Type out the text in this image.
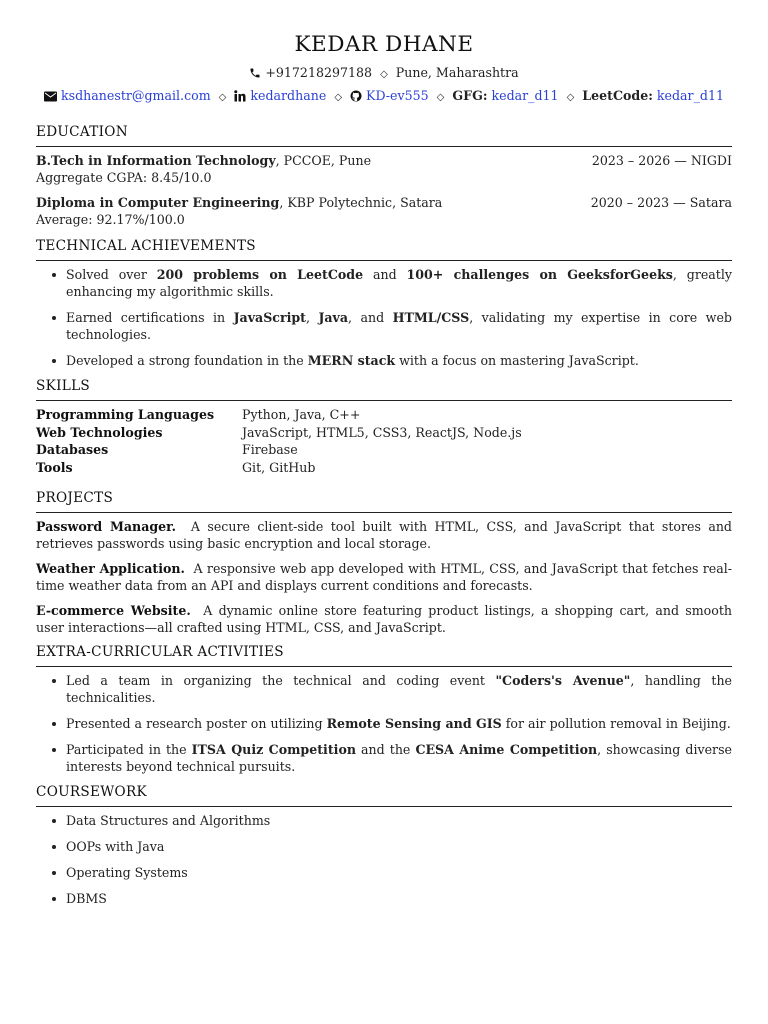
KEDAR DHANE
+917218297188 ◇ Pune, Maharashtra
ksdhanestr@gmail.com ◇ kedardhane ◇ KD-ev555 ◇ GFG: kedar_d11 ◇ LeetCode: kedar_d11
EDUCATION
B.Tech in Information Technology, PCCOE, Pune	2023 – 2026 — NIGDI
Aggregate CGPA: 8.45/10.0
Diploma in Computer Engineering, KBP Polytechnic, Satara	2020 – 2023 — Satara
Average: 92.17%/100.0
TECHNICAL ACHIEVEMENTS
Solved over 200 problems on LeetCode and 100+ challenges on GeeksforGeeks, greatly enhancing my algorithmic skills.
Earned certifications in JavaScript, Java, and HTML/CSS, validating my expertise in core web technologies.
Developed a strong foundation in the MERN stack with a focus on mastering JavaScript.
SKILLS
Programming Languages	Python, Java, C++
Web Technologies	JavaScript, HTML5, CSS3, ReactJS, Node.js
Databases	Firebase
Tools	Git, GitHub
PROJECTS
Password Manager. A secure client-side tool built with HTML, CSS, and JavaScript that stores and retrieves passwords using basic encryption and local storage.
Weather Application. A responsive web app developed with HTML, CSS, and JavaScript that fetches real-time weather data from an API and displays current conditions and forecasts.
E-commerce Website. A dynamic online store featuring product listings, a shopping cart, and smooth user interactions—all crafted using HTML, CSS, and JavaScript.
EXTRA-CURRICULAR ACTIVITIES
Led a team in organizing the technical and coding event "Coders's Avenue", handling the technicalities.
Presented a research poster on utilizing Remote Sensing and GIS for air pollution removal in Beijing.
Participated in the ITSA Quiz Competition and the CESA Anime Competition, showcasing diverse interests beyond technical pursuits.
COURSEWORK
Data Structures and Algorithms
OOPs with Java
Operating Systems
DBMS
